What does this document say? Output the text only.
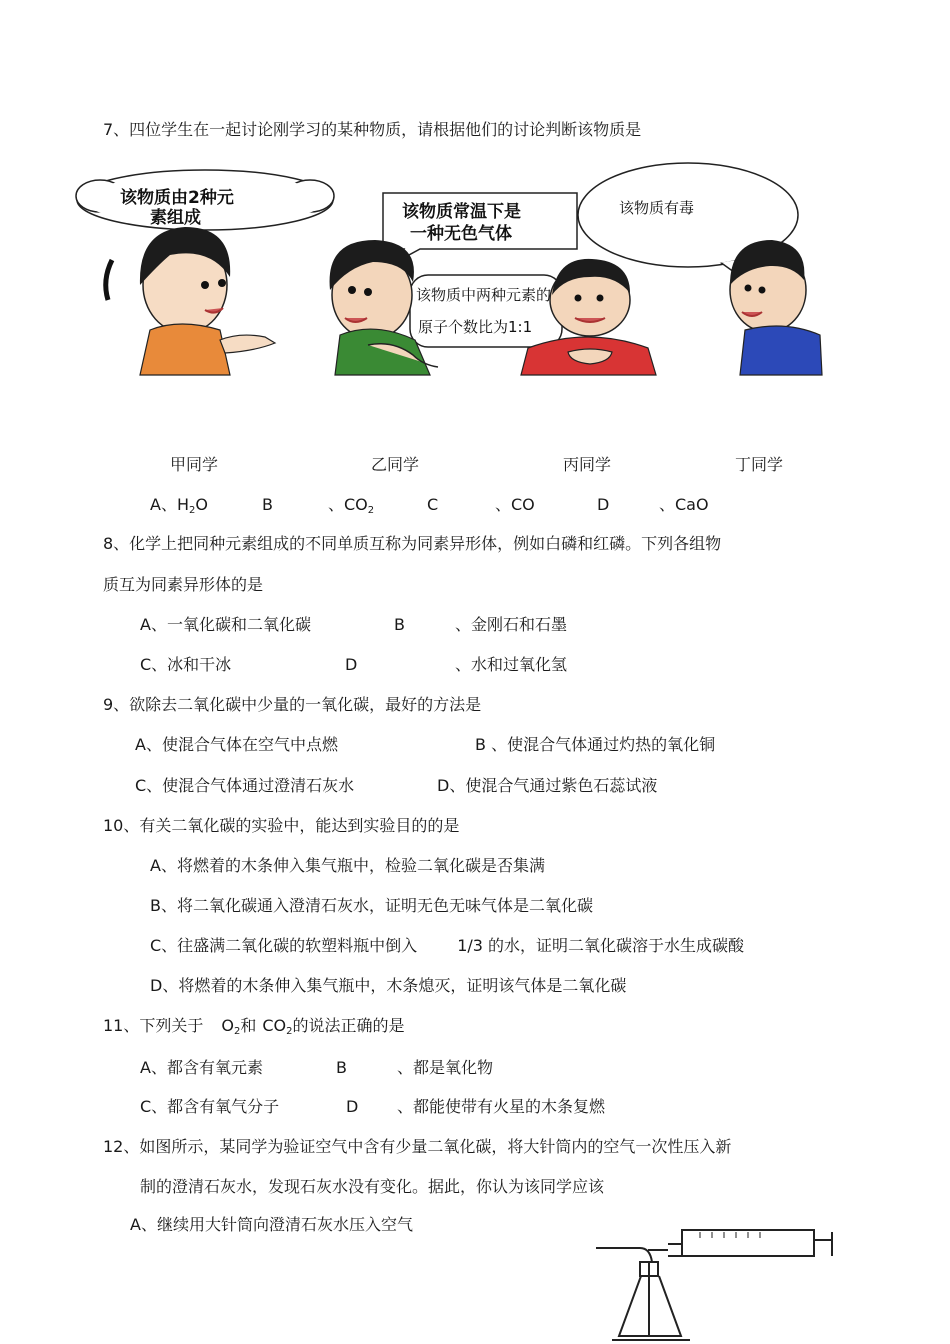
该物质由2种元
素组成	该物质常温下是
一种无色气体
该物质有毒
该物质中两种元素的
原子个数比为1:1
7、四位学生在一起讨论刚学习的某种物质，请根据他们的讨论判断该物质是
甲同学	乙同学	丙同学	丁同学
A、$H_2O$	B	、$CO_2$	C	、CO	D	、CaO
8、化学上把同种元素组成的不同单质互称为同素异形体，例如白磷和红磷。下列各组物
质互为同素异形体的是
A、一氧化碳和二氧化碳	B	、金刚石和石墨
C、冰和干冰	D	、水和过氧化氢
9、欲除去二氧化碳中少量的一氧化碳，最好的方法是
A、使混合气体在空气中点燃	B 、使混合气体通过灼热的氧化铜
C、使混合气体通过澄清石灰水	D、使混合气通过紫色石蕊试液
10、有关二氧化碳的实验中，能达到实验目的的是
A、将燃着的木条伸入集气瓶中，检验二氧化碳是否集满
B、将二氧化碳通入澄清石灰水，证明无色无味气体是二氧化碳
C、往盛满二氧化碳的软塑料瓶中倒入	1/3 的水，证明二氧化碳溶于水生成碳酸
D、将燃着的木条伸入集气瓶中，木条熄灭，证明该气体是二氧化碳
11、下列关于 $O_2$和 $CO_2$的说法正确的是
A、都含有氧元素	B	、都是氧化物
C、都含有氧气分子	D 、都能使带有火星的木条复燃
12、如图所示，某同学为验证空气中含有少量二氧化碳，将大针筒内的空气一次性压入新
制的澄清石灰水，发现石灰水没有变化。据此，你认为该同学应该
A、继续用大针筒向澄清石灰水压入空气
